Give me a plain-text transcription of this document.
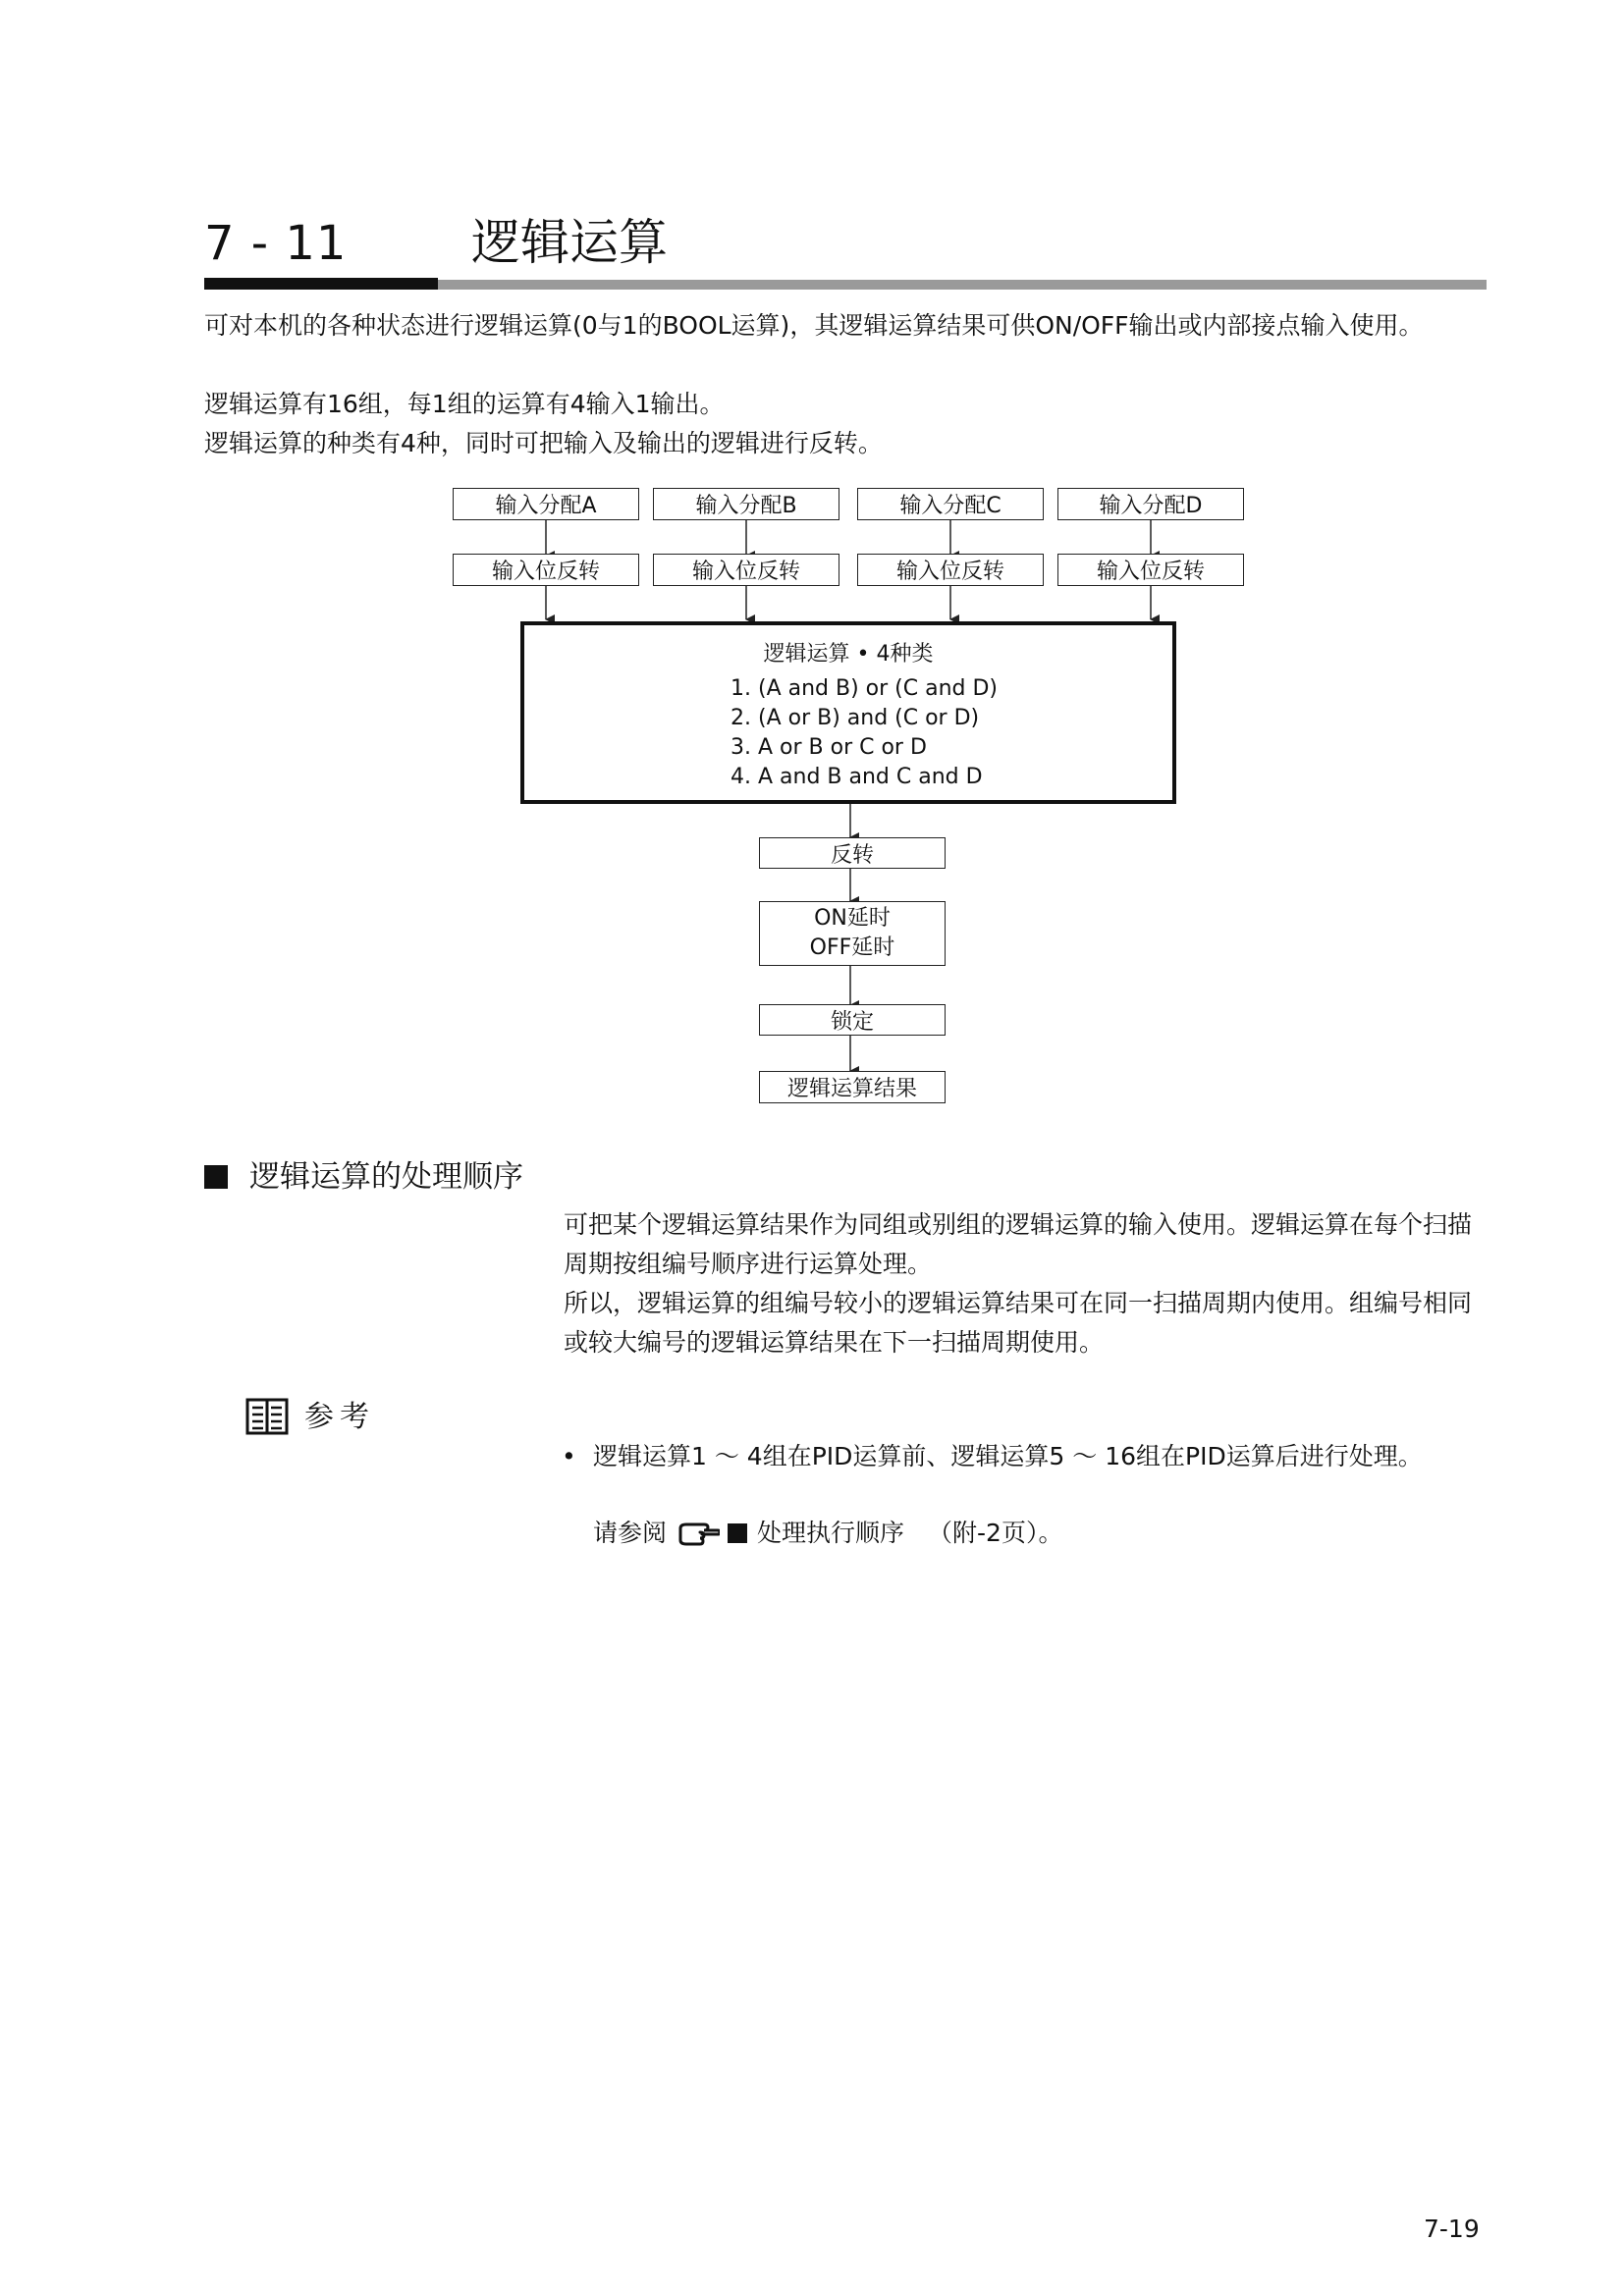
7 - 11	逻辑运算
可对本机的各种状态进行逻辑运算(0与1的BOOL运算)，其逻辑运算结果可供ON/OFF输出或内部接点输入使用。
逻辑运算有16组，每1组的运算有4输入1输出。
逻辑运算的种类有4种，同时可把输入及输出的逻辑进行反转。
输入分配A	输入分配B	输入分配C	输入分配D
输入位反转	输入位反转	输入位反转	输入位反转
逻辑运算 • 4种类
1. (A and B) or (C and D)
2. (A or B) and (C or D)
3. A or B or C or D
4. A and B and C and D
反转
ON延时
OFF延时
锁定
逻辑运算结果
逻辑运算的处理顺序
可把某个逻辑运算结果作为同组或别组的逻辑运算的输入使用。逻辑运算在每个扫描周期按组编号顺序进行运算处理。
所以，逻辑运算的组编号较小的逻辑运算结果可在同一扫描周期内使用。组编号相同或较大编号的逻辑运算结果在下一扫描周期使用。
参考
• 逻辑运算1 ～ 4组在PID运算前、逻辑运算5 ～ 16组在PID运算后进行处理。
请参阅	处理执行顺序 （附-2页）。
7-19
